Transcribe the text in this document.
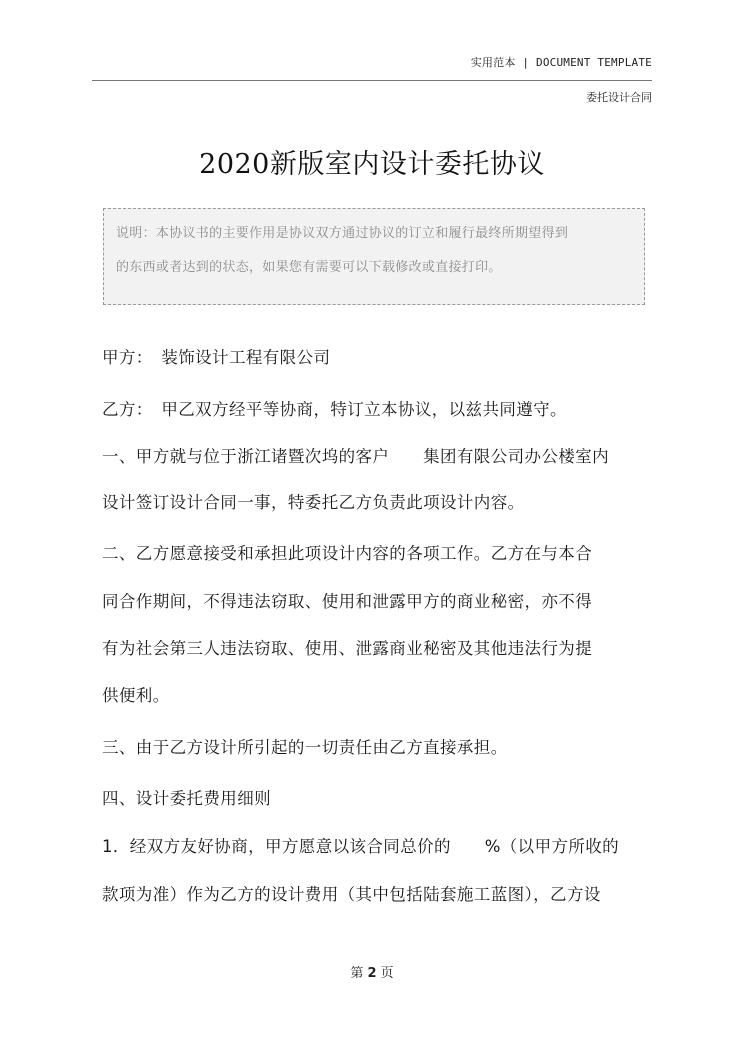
实用范本 | DOCUMENT TEMPLATE
委托设计合同
2020新版室内设计委托协议
说明：本协议书的主要作用是协议双方通过协议的订立和履行最终所期望得到
的东西或者达到的状态，如果您有需要可以下载修改或直接打印。
甲方：　装饰设计工程有限公司
乙方：　甲乙双方经平等协商，特订立本协议，以兹共同遵守。
一、甲方就与位于浙江诸暨次坞的客户　　集团有限公司办公楼室内
设计签订设计合同一事，特委托乙方负责此项设计内容。
二、乙方愿意接受和承担此项设计内容的各项工作。乙方在与本合
同合作期间，不得违法窃取、使用和泄露甲方的商业秘密，亦不得
有为社会第三人违法窃取、使用、泄露商业秘密及其他违法行为提
供便利。
三、由于乙方设计所引起的一切责任由乙方直接承担。
四、设计委托费用细则
1．经双方友好协商，甲方愿意以该合同总价的　　%（以甲方所收的
款项为准）作为乙方的设计费用（其中包括陆套施工蓝图），乙方设
第 2 页
